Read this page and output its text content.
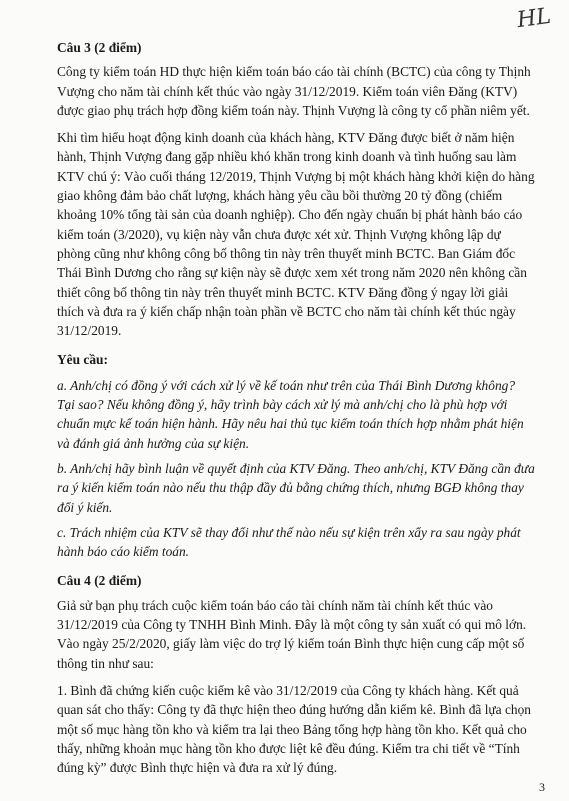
HL

Câu 3 (2 điểm)

Công ty kiểm toán HD thực hiện kiểm toán báo cáo tài chính (BCTC) của công ty Thịnh Vượng cho năm tài chính kết thúc vào ngày 31/12/2019. Kiểm toán viên Đăng (KTV) được giao phụ trách hợp đồng kiểm toán này. Thịnh Vượng là công ty cổ phần niêm yết.

Khi tìm hiểu hoạt động kinh doanh của khách hàng, KTV Đăng được biết ở năm hiện hành, Thịnh Vượng đang gặp nhiều khó khăn trong kinh doanh và tình huống sau làm KTV chú ý: Vào cuối tháng 12/2019, Thịnh Vượng bị một khách hàng khởi kiện do hàng giao không đảm bảo chất lượng, khách hàng yêu cầu bồi thường 20 tỷ đồng (chiếm khoảng 10% tổng tài sản của doanh nghiệp). Cho đến ngày chuẩn bị phát hành báo cáo kiểm toán (3/2020), vụ kiện này vẫn chưa được xét xử. Thịnh Vượng không lập dự phòng cũng như không công bố thông tin này trên thuyết minh BCTC. Ban Giám đốc Thái Bình Dương cho rằng sự kiện này sẽ được xem xét trong năm 2020 nên không cần thiết công bố thông tin này trên thuyết minh BCTC. KTV Đăng đồng ý ngay lời giải thích và đưa ra ý kiến chấp nhận toàn phần về BCTC cho năm tài chính kết thúc ngày 31/12/2019.

Yêu cầu:

a. Anh/chị có đồng ý với cách xử lý về kế toán như trên của Thái Bình Dương không? Tại sao? Nếu không đồng ý, hãy trình bày cách xử lý mà anh/chị cho là phù hợp với chuẩn mực kế toán hiện hành. Hãy nêu hai thủ tục kiểm toán thích hợp nhằm phát hiện và đánh giá ảnh hưởng của sự kiện.

b. Anh/chị hãy bình luận về quyết định của KTV Đăng. Theo anh/chị, KTV Đăng cần đưa ra ý kiến kiểm toán nào nếu thu thập đầy đủ bằng chứng thích, nhưng BGĐ không thay đổi ý kiến.

c. Trách nhiệm của KTV sẽ thay đổi như thế nào nếu sự kiện trên xẩy ra sau ngày phát hành báo cáo kiểm toán.

Câu 4 (2 điểm)

Giả sử bạn phụ trách cuộc kiểm toán báo cáo tài chính năm tài chính kết thúc vào 31/12/2019 của Công ty TNHH Bình Minh. Đây là một công ty sản xuất có qui mô lớn. Vào ngày 25/2/2020, giấy làm việc do trợ lý kiểm toán Bình thực hiện cung cấp một số thông tin như sau:

1. Bình đã chứng kiến cuộc kiểm kê vào 31/12/2019 của Công ty khách hàng. Kết quả quan sát cho thấy: Công ty đã thực hiện theo đúng hướng dẫn kiểm kê. Bình đã lựa chọn một số mục hàng tồn kho và kiểm tra lại theo Bảng tổng hợp hàng tồn kho. Kết quả cho thấy, những khoản mục hàng tồn kho được liệt kê đều đúng. Kiểm tra chi tiết về “Tính đúng kỳ” được Bình thực hiện và đưa ra xử lý đúng.

3
